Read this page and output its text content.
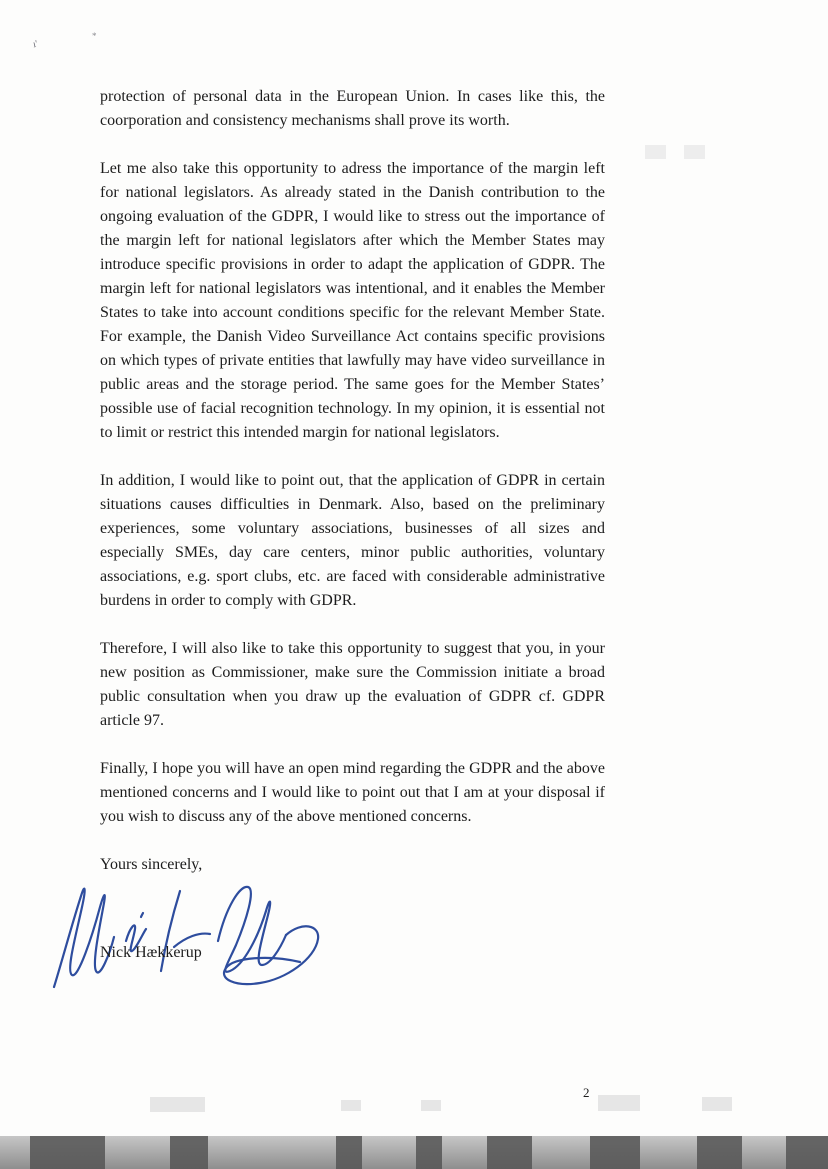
ı'
*

protection of personal data in the European Union. In cases like this, the coorporation and consistency mechanisms shall prove its worth.

Let me also take this opportunity to adress the importance of the margin left for national legislators. As already stated in the Danish contribution to the ongoing evaluation of the GDPR, I would like to stress out the importance of the margin left for national legislators after which the Member States may introduce specific provisions in order to adapt the application of GDPR. The margin left for national legislators was intentional, and it enables the Member States to take into account conditions specific for the relevant Member State. For example, the Danish Video Surveillance Act contains specific provisions on which types of private entities that lawfully may have video surveillance in public areas and the storage period. The same goes for the Member States’ possible use of facial recognition technology. In my opinion, it is essential not to limit or restrict this intended margin for national legislators.

In addition, I would like to point out, that the application of GDPR in certain situations causes difficulties in Denmark. Also, based on the preliminary experiences, some voluntary associations, businesses of all sizes and especially SMEs, day care centers, minor public authorities, voluntary associations, e.g. sport clubs, etc. are faced with considerable administrative burdens in order to comply with GDPR.

Therefore, I will also like to take this opportunity to suggest that you, in your new position as Commissioner, make sure the Commission initiate a broad public consultation when you draw up the evaluation of GDPR cf. GDPR article 97.

Finally, I hope you will have an open mind regarding the GDPR and the above mentioned concerns and I would like to point out that I am at your disposal if you wish to discuss any of the above mentioned concerns.

Yours sincerely,

Nick Hækkerup
2
